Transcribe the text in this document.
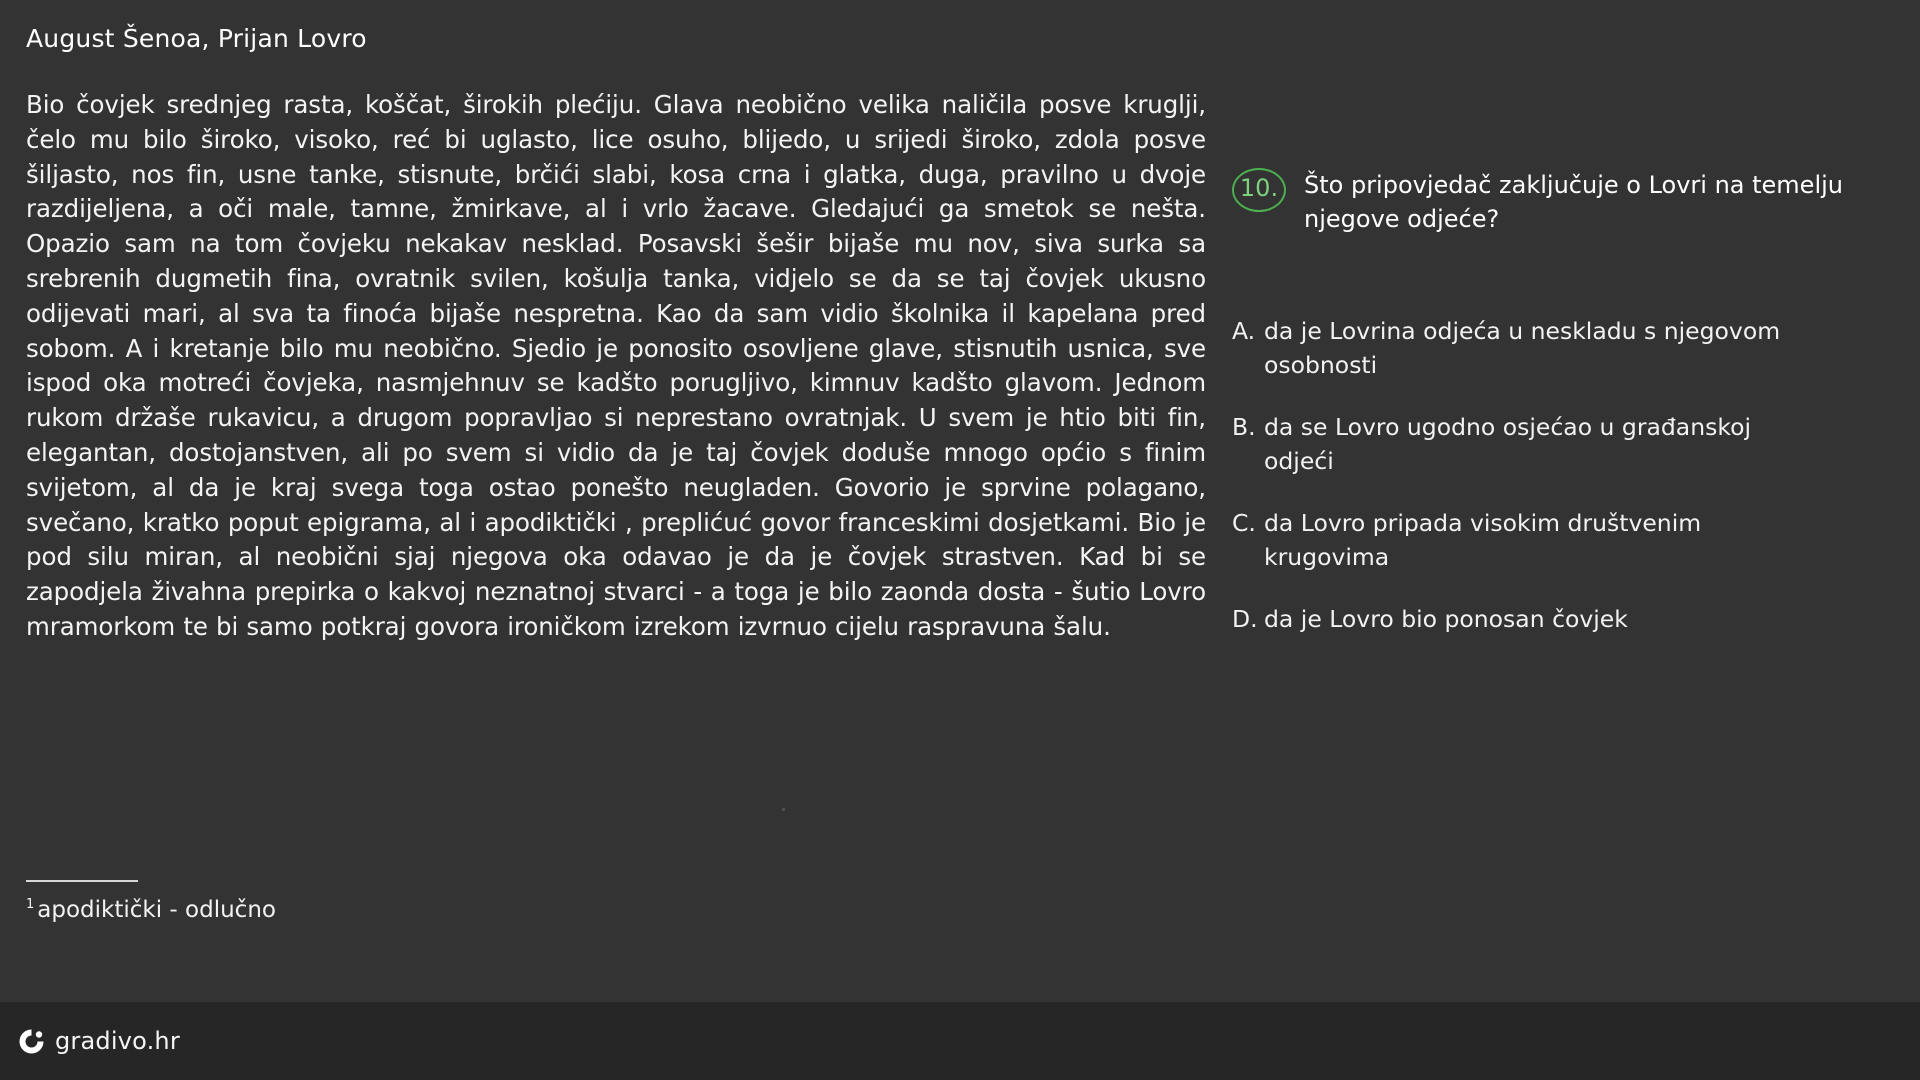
August Šenoa, Prijan Lovro
Bio čovjek srednjeg rasta, koščat, širokih plećiju. Glava neobično velika naličila posve kruglji, čelo mu bilo široko, visoko, reć bi uglasto, lice osuho, blijedo, u srijedi široko, zdola posve šiljasto, nos fin, usne tanke, stisnute, brčići slabi, kosa crna i glatka, duga, pravilno u dvoje razdijeljena, a oči male, tamne, žmirkave, al i vrlo žacave. Gledajući ga smetok se nešta. Opazio sam na tom čovjeku nekakav nesklad. Posavski šešir bijaše mu nov, siva surka sa srebrenih dugmetih fina, ovratnik svilen, košulja tanka, vidjelo se da se taj čovjek ukusno odijevati mari, al sva ta finoća bijaše nespretna. Kao da sam vidio školnika il kapelana pred sobom. A i kretanje bilo mu neobično. Sjedio je ponosito osovljene glave, stisnutih usnica, sve ispod oka motreći čovjeka, nasmjehnuv se kadšto porugljivo, kimnuv kadšto glavom. Jednom rukom držaše rukavicu, a drugom popravljao si neprestano ovratnjak. U svem je htio biti fin, elegantan, dostojanstven, ali po svem si vidio da je taj čovjek doduše mnogo općio s finim svijetom, al da je kraj svega toga ostao ponešto neugladen. Govorio je sprvine polagano, svečano, kratko poput epigrama, al i apodiktički , preplićuć govor franceskimi dosjetkami. Bio je pod silu miran, al neobični sjaj njegova oka odavao je da je čovjek strastven. Kad bi se zapodjela živahna prepirka o kakvoj neznatnoj stvarci - a toga je bilo zaonda dosta - šutio Lovro mramorkom te bi samo potkraj govora ironičkom izrekom izvrnuo cijelu raspravuna šalu.
$^1$ apodiktički - odlučno
10.	Što pripovjedač zaključuje o Lovri na temelju njegove odjeće?
A. da je Lovrina odjeća u neskladu s njegovom osobnosti
B. da se Lovro ugodno osjećao u građanskoj odjeći
C. da Lovro pripada visokim društvenim krugovima
D. da je Lovro bio ponosan čovjek
gradivo.hr
